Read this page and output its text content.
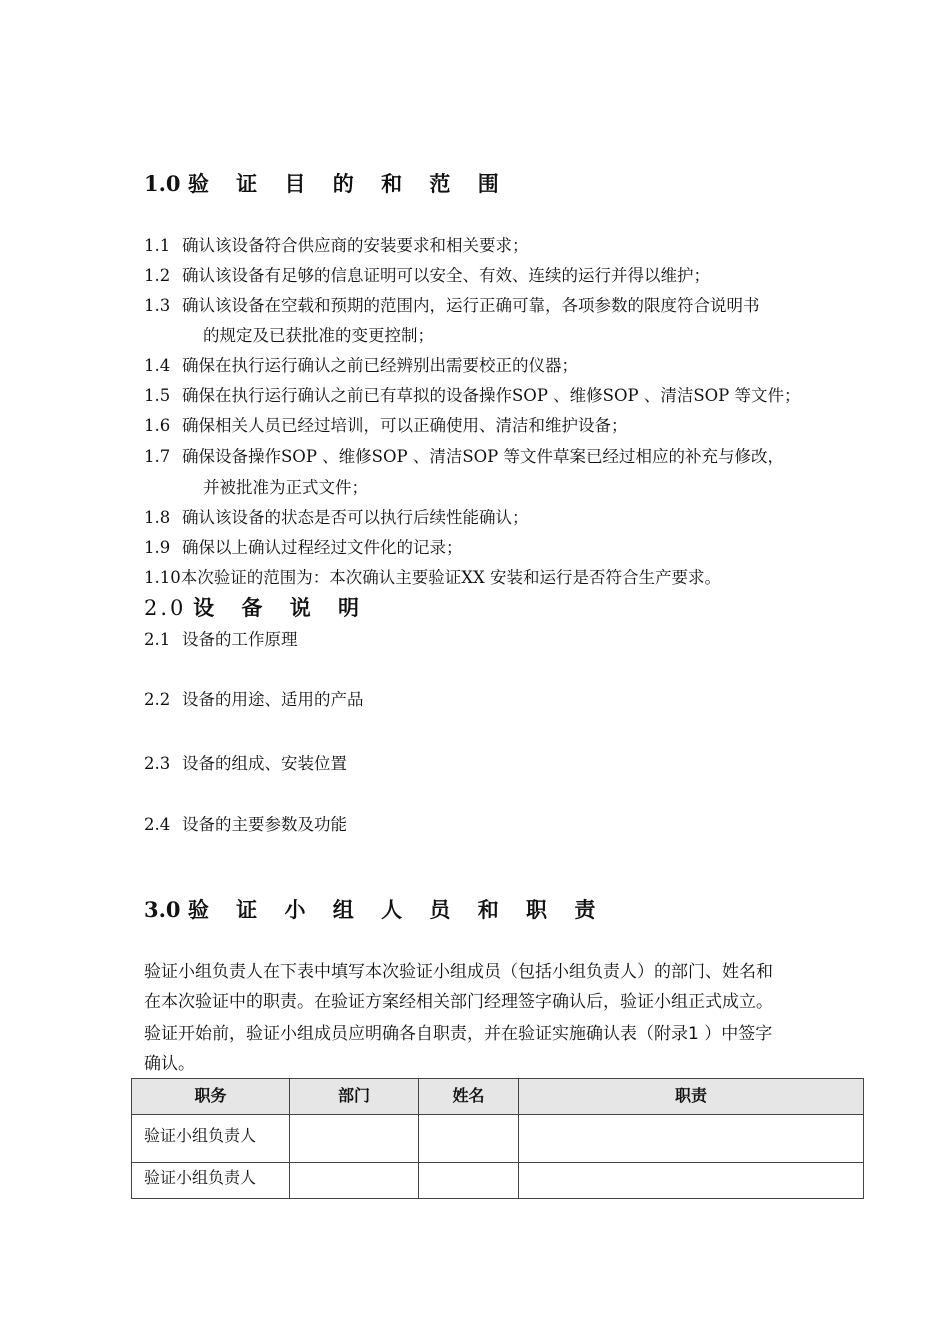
1.0 验 证 目 的 和 范 围
1.1 确认该设备符合供应商的安装要求和相关要求；
1.2 确认该设备有足够的信息证明可以安全、有效、连续的运行并得以维护；
1.3 确认该设备在空载和预期的范围内，运行正确可靠，各项参数的限度符合说明书
的规定及已获批准的变更控制；
1.4 确保在执行运行确认之前已经辨别出需要校正的仪器；
1.5 确保在执行运行确认之前已有草拟的设备操作SOP 、维修SOP 、清洁SOP 等文件；
1.6 确保相关人员已经过培训，可以正确使用、清洁和维护设备；
1.7 确保设备操作SOP 、维修SOP 、清洁SOP 等文件草案已经过相应的补充与修改，
并被批准为正式文件；
1.8 确认该设备的状态是否可以执行后续性能确认；
1.9 确保以上确认过程经过文件化的记录；
1.10本次验证的范围为：本次确认主要验证XX 安装和运行是否符合生产要求。
2.0 设 备 说 明
2.1 设备的工作原理
2.2 设备的用途、适用的产品
2.3 设备的组成、安装位置
2.4 设备的主要参数及功能
3.0 验 证 小 组 人 员 和 职 责
验证小组负责人在下表中填写本次验证小组成员（包括小组负责人）的部门、姓名和
在本次验证中的职责。在验证方案经相关部门经理签字确认后，验证小组正式成立。
验证开始前，验证小组成员应明确各自职责，并在验证实施确认表（附录1 ）中签字
确认。
职务	部门	姓名	职责
验证小组负责人			
验证小组负责人			
